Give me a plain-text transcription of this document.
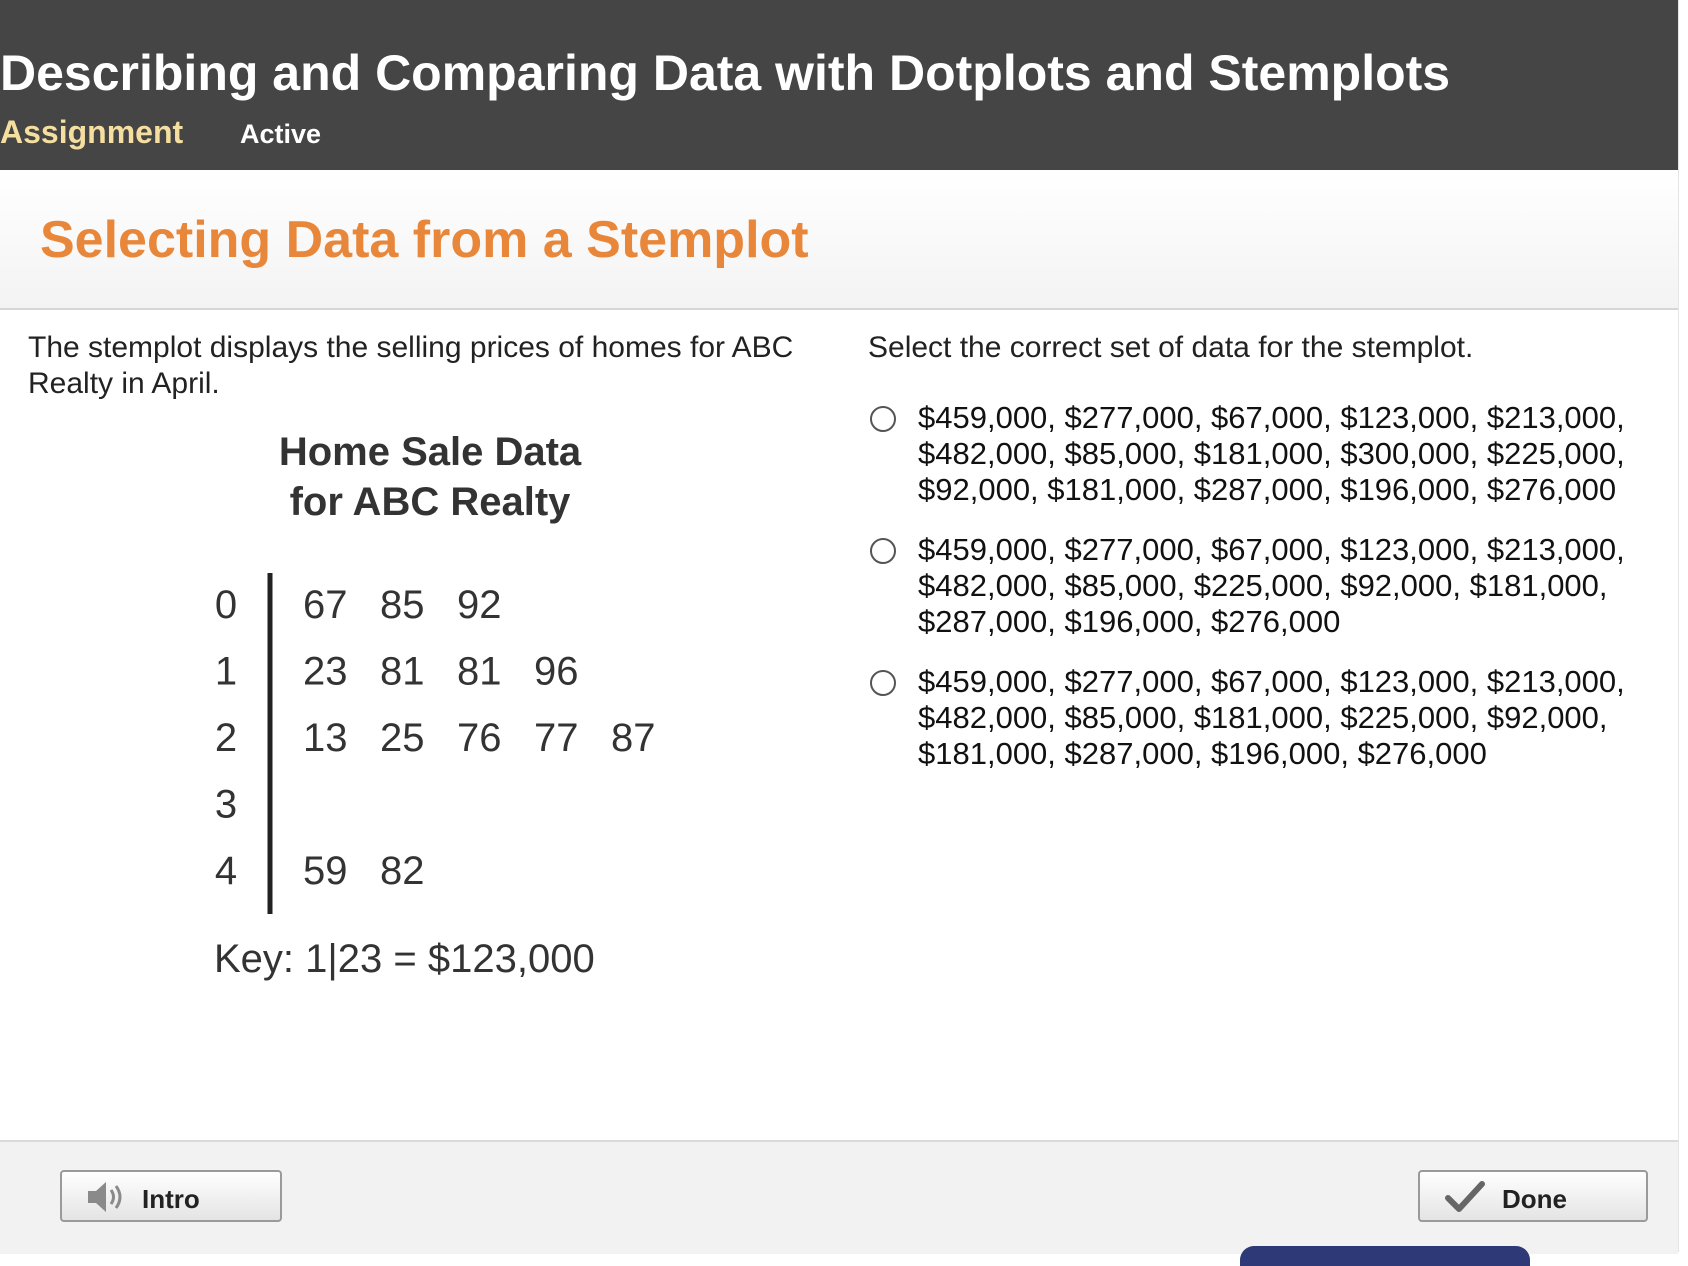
Describing and Comparing Data with Dotplots and Stemplots
Assignment Active
Selecting Data from a Stemplot
The stemplot displays the selling prices of homes for ABC Realty in April.
Home Sale Data
for ABC Realty
0 67 85 92
1 23 81 81 96
2 13 25 76 77 87
3
4 59 82
Key: 1|23 = $123,000
Select the correct set of data for the stemplot.
$459,000, $277,000, $67,000, $123,000, $213,000, $482,000, $85,000, $181,000, $300,000, $225,000, $92,000, $181,000, $287,000, $196,000, $276,000
$459,000, $277,000, $67,000, $123,000, $213,000, $482,000, $85,000, $225,000, $92,000, $181,000, $287,000, $196,000, $276,000
$459,000, $277,000, $67,000, $123,000, $213,000, $482,000, $85,000, $181,000, $225,000, $92,000, $181,000, $287,000, $196,000, $276,000
Intro	Done
